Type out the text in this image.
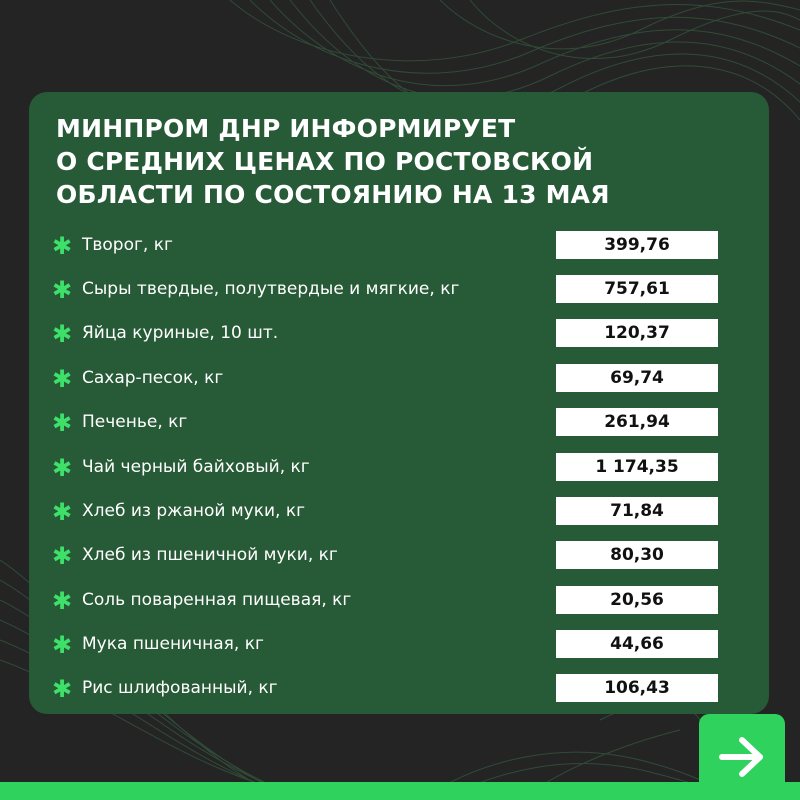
МИНПРОМ ДНР ИНФОРМИРУЕТ
О СРЕДНИХ ЦЕНАХ ПО РОСТОВСКОЙ
ОБЛАСТИ ПО СОСТОЯНИЮ НА 13 МАЯ
✱ Творог, кг	399,76
✱ Сыры твердые, полутвердые и мягкие, кг	757,61
✱ Яйца куриные, 10 шт.	120,37
✱ Сахар-песок, кг	69,74
✱ Печенье, кг	261,94
✱ Чай черный байховый, кг	1 174,35
✱ Хлеб из ржаной муки, кг	71,84
✱ Хлеб из пшеничной муки, кг	80,30
✱ Соль поваренная пищевая, кг	20,56
✱ Мука пшеничная, кг	44,66
✱ Рис шлифованный, кг	106,43
